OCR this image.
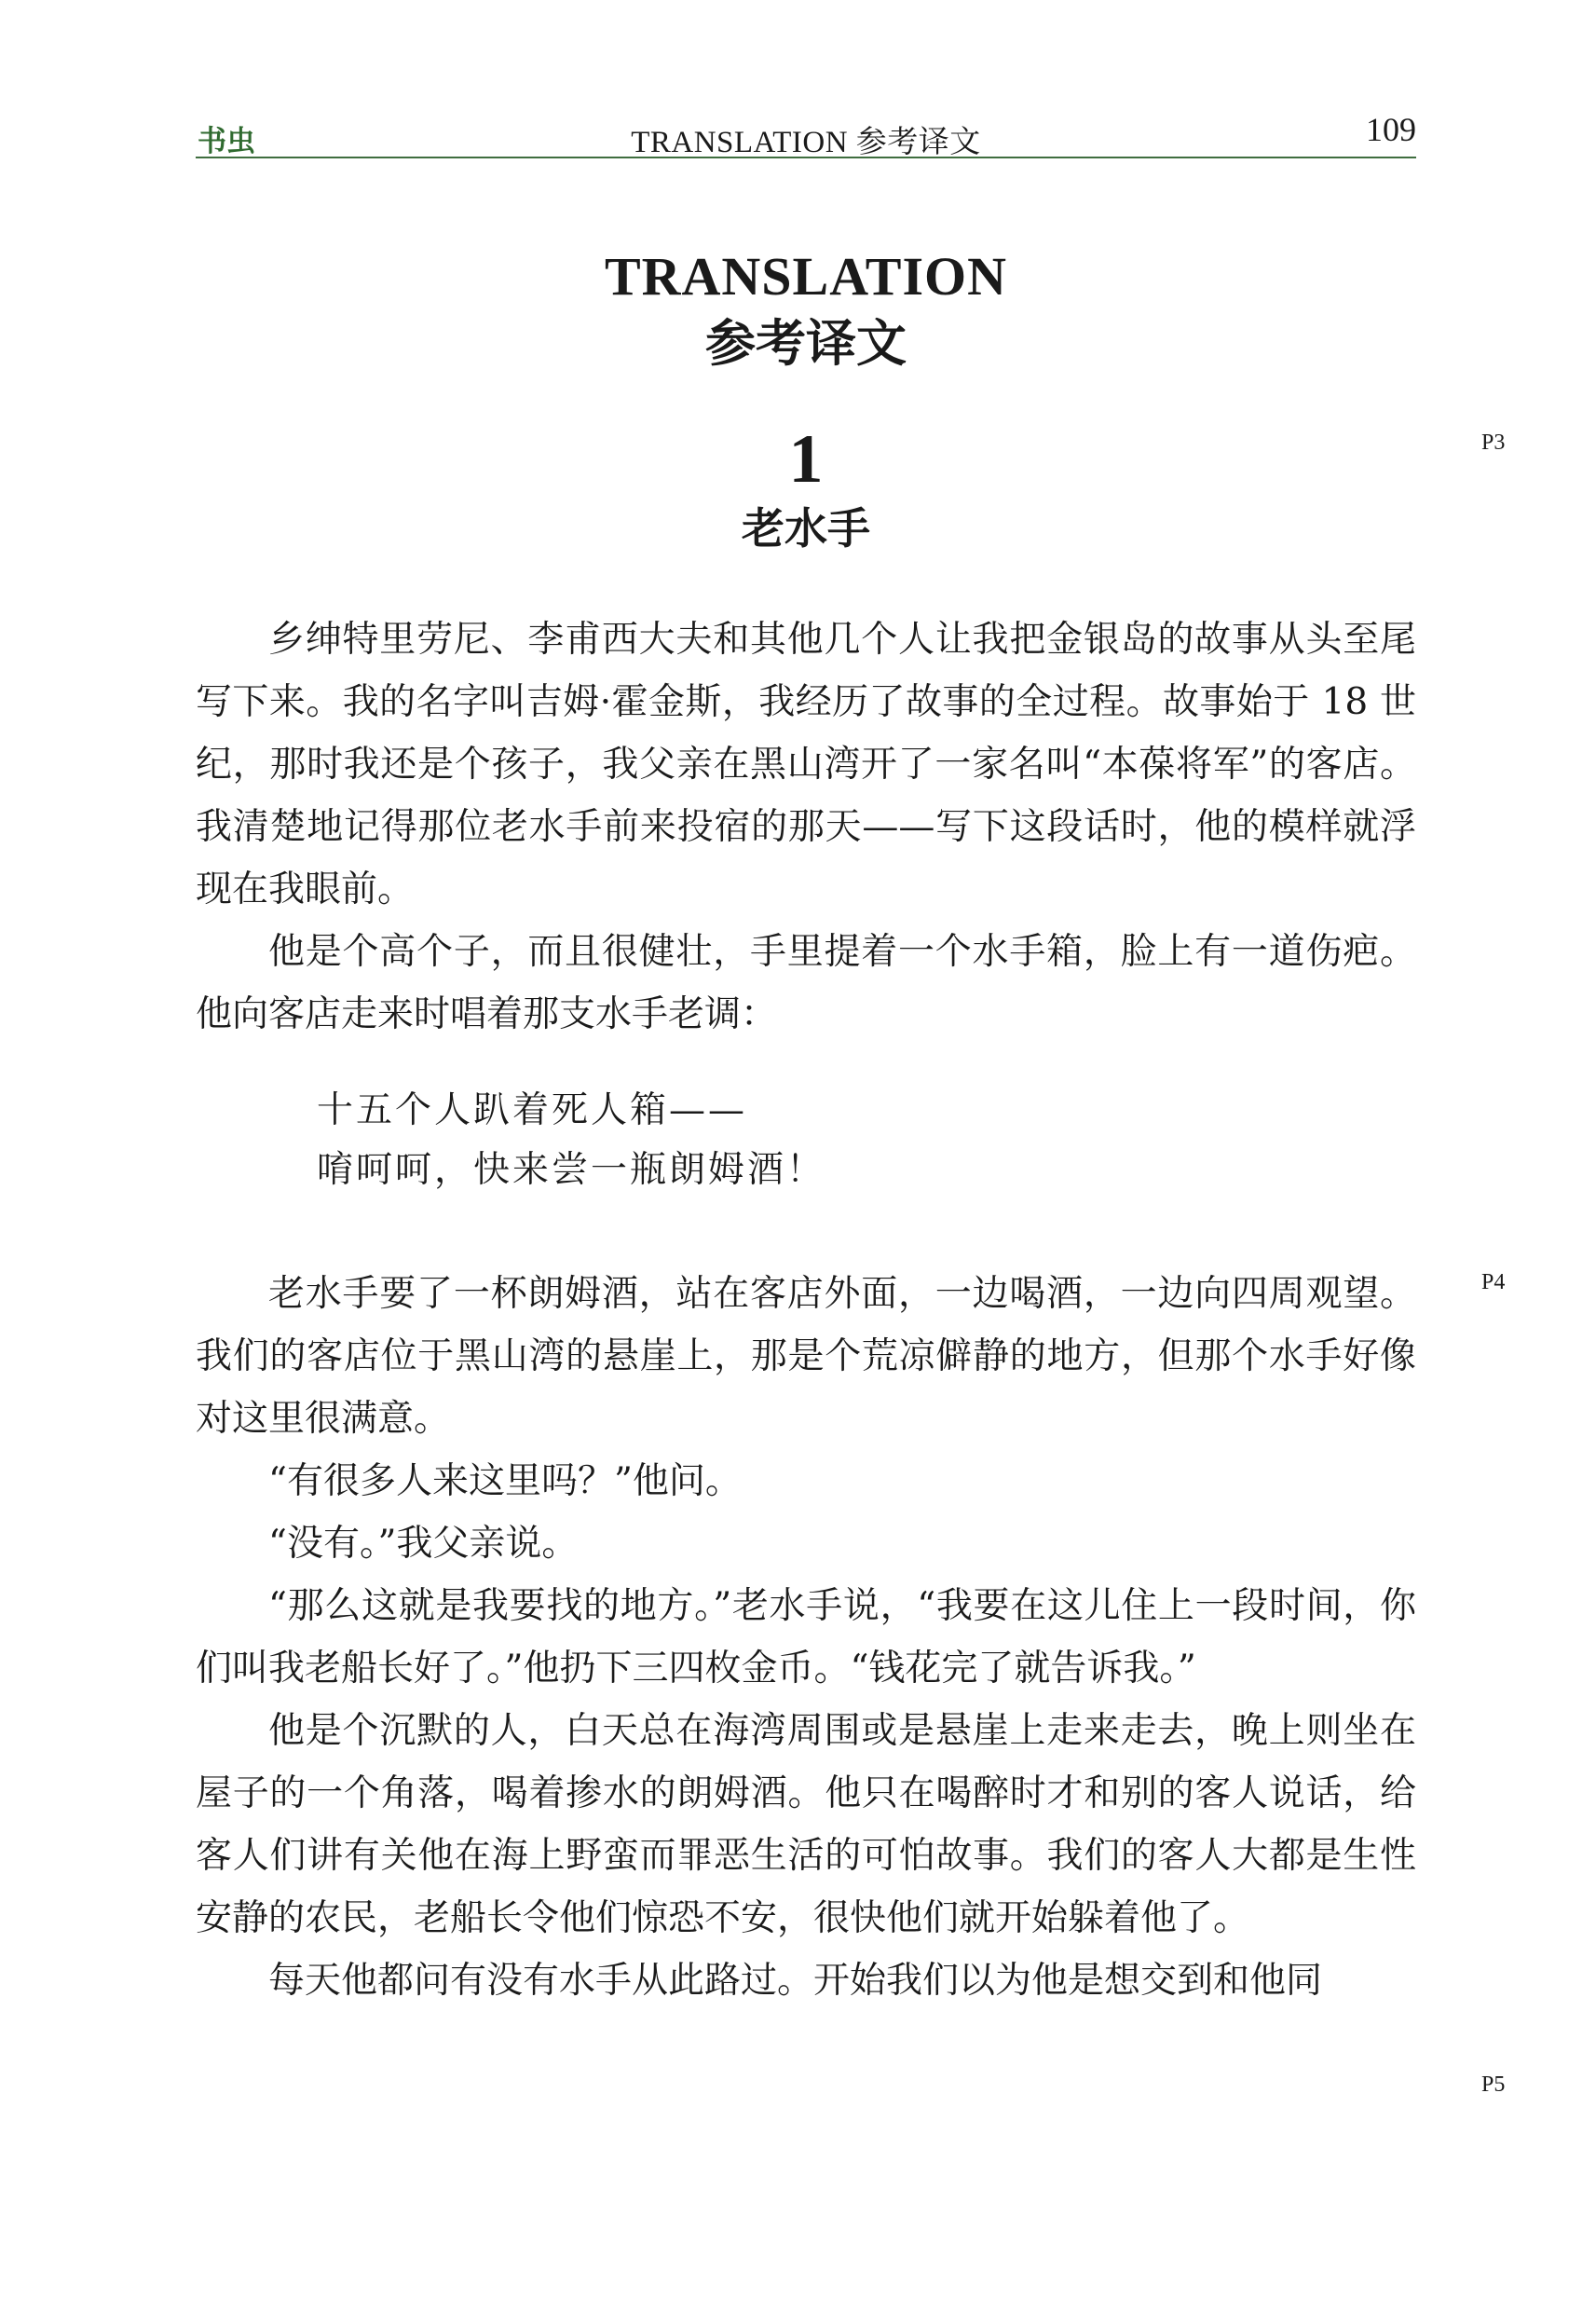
书虫	TRANSLATION 参考译文	109
TRANSLATION
参考译文
1
老水手
P3
P4
P5

乡绅特里劳尼、李甫西大夫和其他几个人让我把金银岛的故事从头至尾写下来。我的名字叫吉姆·霍金斯，我经历了故事的全过程。故事始于 18 世纪，那时我还是个孩子，我父亲在黑山湾开了一家名叫“本葆将军”的客店。我清楚地记得那位老水手前来投宿的那天——写下这段话时，他的模样就浮现在我眼前。

他是个高个子，而且很健壮，手里提着一个水手箱，脸上有一道伤疤。他向客店走来时唱着那支水手老调：

十五个人趴着死人箱——
唷呵呵，快来尝一瓶朗姆酒！

老水手要了一杯朗姆酒，站在客店外面，一边喝酒，一边向四周观望。我们的客店位于黑山湾的悬崖上，那是个荒凉僻静的地方，但那个水手好像对这里很满意。

“有很多人来这里吗？”他问。

“没有。”我父亲说。

“那么这就是我要找的地方。”老水手说，“我要在这儿住上一段时间，你们叫我老船长好了。”他扔下三四枚金币。“钱花完了就告诉我。”

他是个沉默的人，白天总在海湾周围或是悬崖上走来走去，晚上则坐在屋子的一个角落，喝着掺水的朗姆酒。他只在喝醉时才和别的客人说话，给客人们讲有关他在海上野蛮而罪恶生活的可怕故事。我们的客人大都是生性安静的农民，老船长令他们惊恐不安，很快他们就开始躲着他了。

每天他都问有没有水手从此路过。开始我们以为他是想交到和他同
